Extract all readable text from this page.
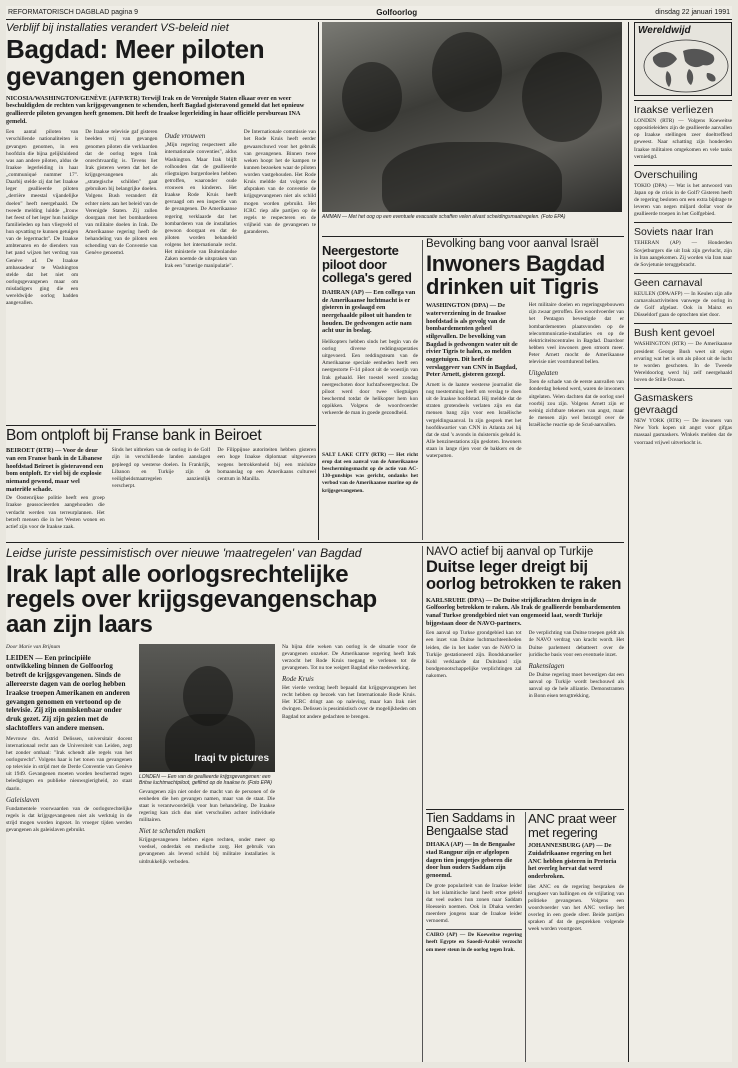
REFORMATORISCH DAGBLAD pagina 9	Golfoorlog	dinsdag 22 januari 1991
Verblijf bij installaties verandert VS-beleid niet
Bagdad: Meer piloten gevangen genomen
NICOSIA/WASHINGTON/GENÈVE (AFP/RTR) Terwijl Irak en de Verenigde Staten elkaar over en weer beschuldigden de rechten van krijgsgevangenen te schenden, heeft Bagdad gisteravond gemeld dat het opnieuw geallieerde piloten gevangen heeft genomen. Dit heeft de Iraakse legerleiding in haar officiële persbureau INA gemeld.
Een aantal piloten van verschillende nationaliteiten is gevangen genomen, in een hoofdzin die bijna gelijkluidend was aan andere piloten, aldus de Iraakse legerleiding in haar „communiqué nummer 17". Daarbij stelde zij dat het Iraakse leger geallieerde piloten „derrière meestal vijandelijke doelen" heeft neergehaald. De tweede melding luidde „Irouw het feest of het leger hun huidige familieleden op hun vliegveld of hun opvatting te kunnen getuigen van de legermacht". De Iraakse ambtenaren en de dienders van het pand wijzen het verdrag van Genève af. De Iraakse ambassadeur te Washington stelde dat het niet om oorlogsgevangenen maar om misdadigers ging die een wereldwijde oorlog hadden aangevallen.
De Iraakse televisie gaf gisteren beelden vrij van gevangen genomen piloten die verklaarden dat de oorlog tegen Irak onrechtvaardig is. Tevens liet Irak gisteren weten dat het de krijgsgevangenen als „strategische schilden" gaat gebruiken bij belangrijke doelen. Volgens Bush verandert dit echter niets aan het beleid van de Verenigde Staten. Zij zullen doorgaan met het bombarderen van militaire doelen in Irak. De Amerikaanse regering heeft de behandeling van de piloten een schending van de Conventie van Genève genoemd.
Oude vrouwen
„Mijn regering respecteert alle internationale conventies", aldus Washington. Maar Irak blijft volhouden dat de geallieerde vliegtuigen burgerdoelen hebben getroffen, waaronder oude vrouwen en kinderen. Het Iraakse Rode Kruis heeft gevraagd om een inspectie van de gevangenen. De Amerikaanse regering verklaarde dat het bombarderen van de installaties gewoon doorgaat en dat de piloten worden behandeld volgens het internationale recht. Het ministerie van Buitenlandse Zaken noemde de uitspraken van Irak een "smerige manipulatie".
De Internationale commissie van het Rode Kruis heeft eerder gewaarschuwd voor het gebruik van gevangenen. Binnen twee weken hoopt het de kampen te kunnen bezoeken waar de piloten worden vastgehouden. Het Rode Kruis meldde dat volgens de afspraken van de conventie de krijgsgevangenen niet als schild mogen worden gebruikt. Het ICRC riep alle partijen op de regels te respecteren en de vrijheid van de gevangenen te garanderen.
AMMAN — Met het oog op een eventuele evacuatie schaffen velen alvast scheidingsmaatregelen. (Foto EPA)
Neergestorte piloot door collega's gered
DAHRAN (AP) — Een collega van de Amerikaanse luchtmacht is er gisteren in geslaagd een neergehaalde piloot uit handen te houden. De gedwongen actie nam acht uur in beslag.
Helikopters hebben sinds het begin van de oorlog diverse reddingsoperaties uitgevoerd. Een reddingsteam van de Amerikaanse speciale eenheden heeft een neergestorte F-14 piloot uit de woestijn van Irak gehaald. Het toestel werd zondag neergeschoten door luchtafweergeschut. De piloot werd door twee vliegtuigen beschermd totdat de helikopter hem kon oppikken. Volgens de woordvoerder verkeerde de man in goede gezondheid.
SALT LAKE CITY (RTR) — Het richt erop dat een aanval van de Amerikaanse beschermingsmacht op de actie van AC-130-gunships was gericht, ondanks het verbod van de Amerikaanse marine op de krijgsgevangenen.
Bevolking bang voor aanval Israël
Inwoners Bagdad drinken uit Tigris
WASHINGTON (DPA) — De waterverziening in de Iraakse hoofdstad is als gevolg van de bombardementen geheel stilgevallen. De bevolking van Bagdad is gedwongen water uit de rivier Tigris te halen, zo melden ooggetuigen. Dit heeft de verslaggever van CNN in Bagdad, Peter Arnett, gisteren gezegd.
Arnett is de laatste westerse journalist die nog toestemming heeft om verslag te doen uit de Iraakse hoofdstad. Hij meldde dat de straten grotendeels verlaten zijn en dat mensen bang zijn voor een Israëlische vergeldingsaanval. In zijn gesprek met het hoofdkwartier van CNN in Atlanta zei hij dat de stad 's avonds in duisternis gehuld is. Alle benzinestations zijn gesloten. Inwoners staan in lange rijen voor de bakkers en de waterputten.
Het militaire doelen en regeringsgebouwen zijn zwaar getroffen. Een woordvoerder van het Pentagon bevestigde dat er bombardementen plaatsvonden op de telecommunicatie-installaties en op de elektriciteitscentrales in Bagdad. Daardoor hebben veel inwoners geen stroom meer. Peter Arnett mocht de Amerikaanse televisie niet voortdurend bellen.
Uitgelaten
Toen de schade van de eerste aanvallen van donderdag bekend werd, waren de inwoners uitgelaten. Velen dachten dat de oorlog snel voorbij zou zijn. Volgens Arnett zijn er weinig zichtbare tekenen van angst, maar de mensen zijn wel bezorgd over de Israëlische reactie op de Scud-aanvallen.
Bom ontploft bij Franse bank in Beiroet
BEIROET (RTR) — Voor de deur van een Franse bank in de Libanese hoofdstad Beiroet is gisteravond een bom ontploft. Er viel bij de explosie niemand gewond, maar wel materiële schade.
De Oostenrijkse politie heeft een groep Iraakse geassocieerden aangehouden die verdacht werden van terreurplannen. Het betreft mensen die in het Westen wonen en actief zijn voor de Iraakse zaak.
Sinds het uitbreken van de oorlog in de Golf zijn in verschillende landen aanslagen gepleegd op westerse doelen. In Frankrijk, Libanon en Turkije zijn de veiligheidsmaatregelen aanzienlijk verscherpt.
De Filippijnse autoriteiten hebben gisteren een hoge Iraakse diplomaat uitgewezen wegens betrokkenheid bij een mislukte bomaanslag op een Amerikaans cultureel centrum in Manilla.
Leidse juriste pessimistisch over nieuwe 'maatregelen' van Bagdad
Irak lapt alle oorlogsrechtelijke regels over krijgsgevangenschap aan zijn laars
Door Marie van Brijnum
LEIDEN — Een principiële ontwikkeling binnen de Golfoorlog betreft de krijgsgevangenen. Sinds de allereerste dagen van de oorlog hebben Iraakse troepen Amerikanen en anderen gevangen genomen en vertoond op de televisie. Zij zijn onmiskenbaar onder druk gezet. Zij zijn gezien met de slachtoffers van andere mensen.
Mevrouw drs. Astrid Delissen, universitair docent internationaal recht aan de Universiteit van Leiden, zegt het zonder omhaal: "Irak schendt alle regels van het oorlogsrecht". Volgens haar is het tonen van gevangenen op televisie in strijd met de Derde Conventie van Genève uit 1949. Gevangenen moeten worden beschermd tegen beledigingen en publieke nieuwsgierigheid, zo staat daarin.
Galeislaven
Fundamentele voorwaarden van de oorlogsrechtelijke regels is dat krijgsgevangenen niet als werktuig in de strijd mogen worden ingezet. In vroeger tijden werden gevangenen als galeislaven gebruikt.
Iraqi tv pictures
LONDEN — Een van de geallieerde krijgsgevangenen: een Britse luchtmachtpiloot, gefilmd op de Iraakse tv. (Foto EPA)
Gevangenen zijn niet onder de macht van de personen of de eenheden die hen gevangen namen, maar van de staat. Die staat is verantwoordelijk voor hun behandeling. De Iraakse regering kan zich dus niet verschuilen achter individuele militairen.
Niet te schenden maken
Krijgsgevangenen hebben eigen rechten, onder meer op voedsel, onderdak en medische zorg. Het gebruik van gevangenen als levend schild bij militaire installaties is uitdrukkelijk verboden.
Na bijna drie weken van oorlog is de situatie voor de gevangenen onzeker. De Amerikaanse regering heeft Irak verzocht het Rode Kruis toegang te verlenen tot de gevangenen. Tot nu toe weigert Bagdad elke medewerking.
Rode Kruis
Het vierde verdrag heeft bepaald dat krijgsgevangenen het recht hebben op bezoek van het Internationale Rode Kruis. Het ICRC dringt aan op naleving, maar kan Irak niet dwingen. Delissen is pessimistisch over de mogelijkheden om Bagdad tot andere gedachten te brengen.
NAVO actief bij aanval op Turkije
Duitse leger dreigt bij oorlog betrokken te raken
KARLSRUHE (DPA) — De Duitse strijdkrachten dreigen in de Golfoorlog betrokken te raken. Als Irak de geallieerde bombardementen vanaf Turkse grondgebied niet van ongemoeid laat, wordt Turkije bijgestaan door de NAVO-partners.
Een aanval op Turkse grondgebied kan tot een inzet van Duitse luchtmachteenheden leiden, die in het kader van de NAVO in Turkije gestationeerd zijn. Bondskanselier Kohl verklaarde dat Duitsland zijn bondgenootschappelijke verplichtingen zal nakomen.
De verplichting van Duitse troepen geldt als de NAVO verdrag van kracht wordt. Het Duitse parlement debatteert over de juridische basis voor een eventuele inzet.
Rakenslagen
De Duitse regering moet bevestigen dat een aanval op Turkije wordt beschouwd als aanval op de hele alliantie. Demonstranten in Bonn eisen terugtrekking.
Tien Saddams in Bengaalse stad
DHAKA (AP) — In de Bengaalse stad Rangpur zijn er afgelopen dagen tien jongetjes geboren die door hun ouders Saddam zijn genoemd.
De grote populariteit van de Iraakse leider in het islamitische land heeft ertoe geleid dat veel ouders hun zonen naar Saddam Hoessein noemen. Ook in Dhaka werden meerdere jongens naar de Iraakse leider vernoemd.
CAIRO (AP) — De Koeweitse regering heeft Egypte en Saoedi-Arabië verzocht om meer steun in de oorlog tegen Irak.
ANC praat weer met regering
JOHANNESBURG (AP) — De Zuidafrikaanse regering en het ANC hebben gisteren in Pretoria het overleg hervat dat werd onderbroken.
Het ANC en de regering bespraken de terugkeer van ballingen en de vrijlating van politieke gevangenen. Volgens een woordvoerder van het ANC verliep het overleg in een goede sfeer. Beide partijen spraken af dat de gesprekken volgende week worden voortgezet.
Wereldwijd
Iraakse verliezen
LONDEN (RTR) — Volgens Koeweitse oppositieleiders zijn de geallieerde aanvallen op Iraakse stellingen zeer doeltreffend geweest. Naar schatting zijn honderden Iraakse militairen omgekomen en vele tanks vernietigd.
Overschuiling
TOKIO (DPA) — Wat is het antwoord van Japan op de crisis in de Golf? Gisteren heeft de regering besloten om een extra bijdrage te leveren van negen miljard dollar voor de geallieerde troepen in het Golfgebied.
Soviets naar Iran
TEHERAN (AP) — Honderden Sovjetburgers die uit Irak zijn gevlucht, zijn in Iran aangekomen. Zij worden via Iran naar de Sovjetunie teruggebracht.
Geen carnaval
KEULEN (DPA/AFP) — In Keulen zijn alle carnavalsactiviteiten vanwege de oorlog in de Golf afgelast. Ook in Mainz en Düsseldorf gaan de optochten niet door.
Bush kent gevoel
WASHINGTON (RTR) — De Amerikaanse president George Bush weet uit eigen ervaring wat het is om als piloot uit de lucht te worden geschoten. In de Tweede Wereldoorlog werd hij zelf neergehaald boven de Stille Oceaan.
Gasmaskers gevraagd
NEW YORK (RTR) — De inwoners van New York kopen uit angst voor gifgas massaal gasmaskers. Winkels melden dat de voorraad vrijwel uitverkocht is.
